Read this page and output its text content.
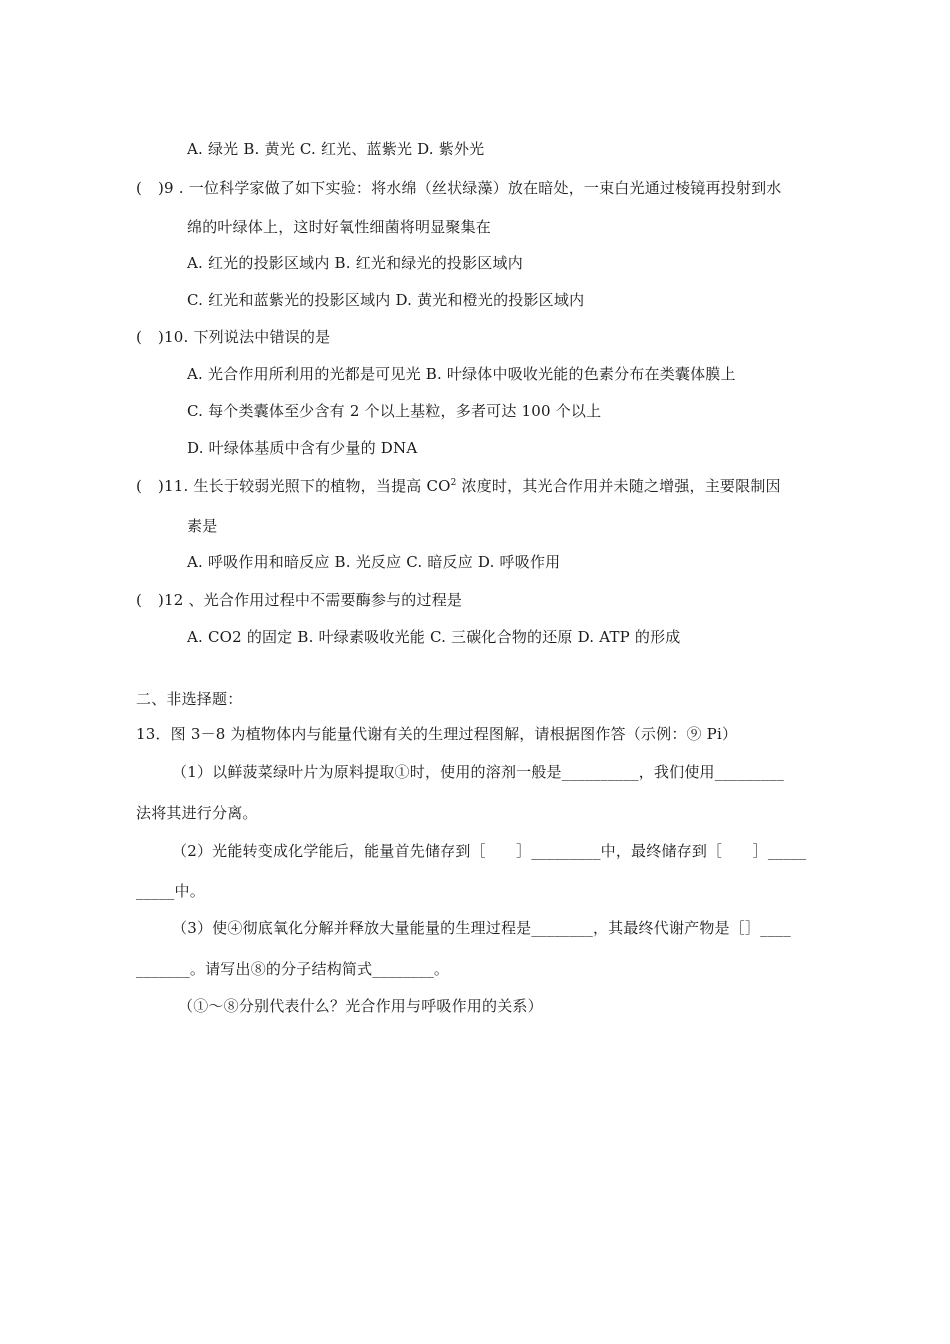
A. 绿光 B. 黄光 C. 红光、蓝紫光 D. 紫外光
( )9 . 一位科学家做了如下实验：将水绵（丝状绿藻）放在暗处，一束白光通过棱镜再投射到水
绵的叶绿体上，这时好氧性细菌将明显聚集在
A. 红光的投影区域内 B. 红光和绿光的投影区域内
C. 红光和蓝紫光的投影区域内 D. 黄光和橙光的投影区域内
( )10. 下列说法中错误的是
A. 光合作用所利用的光都是可见光 B. 叶绿体中吸收光能的色素分布在类囊体膜上
C. 每个类囊体至少含有 2 个以上基粒，多者可达 100 个以上
D. 叶绿体基质中含有少量的 DNA
( )11. 生长于较弱光照下的植物，当提高 $CO^2$ 浓度时，其光合作用并未随之增强，主要限制因
素是
A. 呼吸作用和暗反应 B. 光反应 C. 暗反应 D. 呼吸作用
( )12 、光合作用过程中不需要酶参与的过程是
A. CO2 的固定 B. 叶绿素吸收光能 C. 三碳化合物的还原 D. ATP 的形成
二、非选择题：
13．图 3－8 为植物体内与能量代谢有关的生理过程图解，请根据图作答（示例：⑨ Pi）
（1）以鲜菠菜绿叶片为原料提取①时，使用的溶剂一般是__________，我们使用_________
法将其进行分离。
（2）光能转变成化学能后，能量首先储存到［　　］_________中，最终储存到［　　］_____
_____中。
（3）使④彻底氧化分解并释放大量能量的生理过程是________，其最终代谢产物是［］____
_______。请写出⑧的分子结构简式________。
（①～⑧分别代表什么？光合作用与呼吸作用的关系）
